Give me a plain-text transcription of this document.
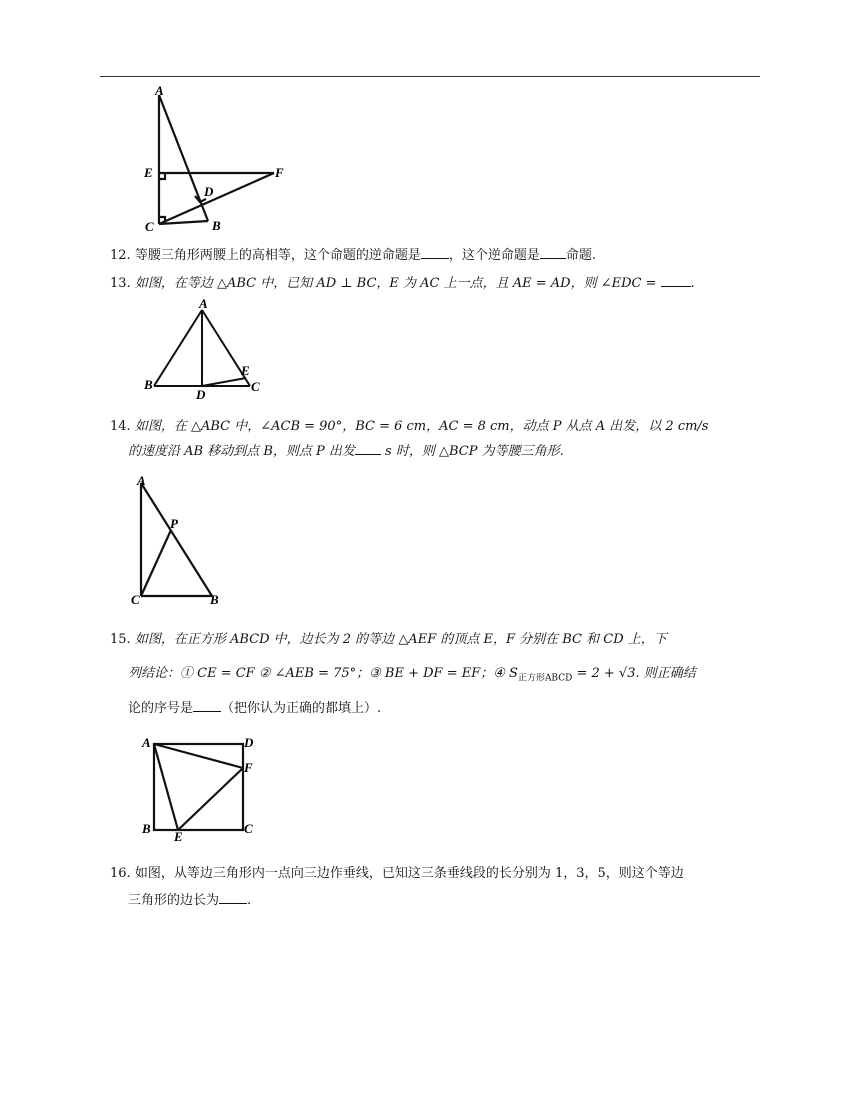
A
E	F
D
C	B
12. 等腰三角形两腰上的高相等，这个命题的逆命题是 ，这个逆命题是 命题.
13. 如图，在等边 △ABC 中，已知 AD ⊥ BC，E 为 AC 上一点，且 AE = AD，则 ∠EDC =	.
A
B
D
E
C
14. 如图，在 △ABC 中，∠ACB = 90°，BC = 6 cm，AC = 8 cm，动点 P 从点 A 出发，以 2 cm/s
的速度沿 AB 移动到点 B，则点 P 出发 s 时，则 △BCP 为等腰三角形.
A
P
C	B
15. 如图，在正方形 ABCD 中，边长为 2 的等边 △AEF 的顶点 E，F 分别在 BC 和 CD 上，下
列结论：① CE = CF ② ∠AEB = 75°；③ BE + DF = EF；④ $S_{正方形ABCD} = 2 + √3$. 则正确结
论的序号是 （把你认为正确的都填上）.
A	D
F
B
E
C
16. 如图，从等边三角形内一点向三边作垂线，已知这三条垂线段的长分别为 1，3，5，则这个等边
三角形的边长为 .
